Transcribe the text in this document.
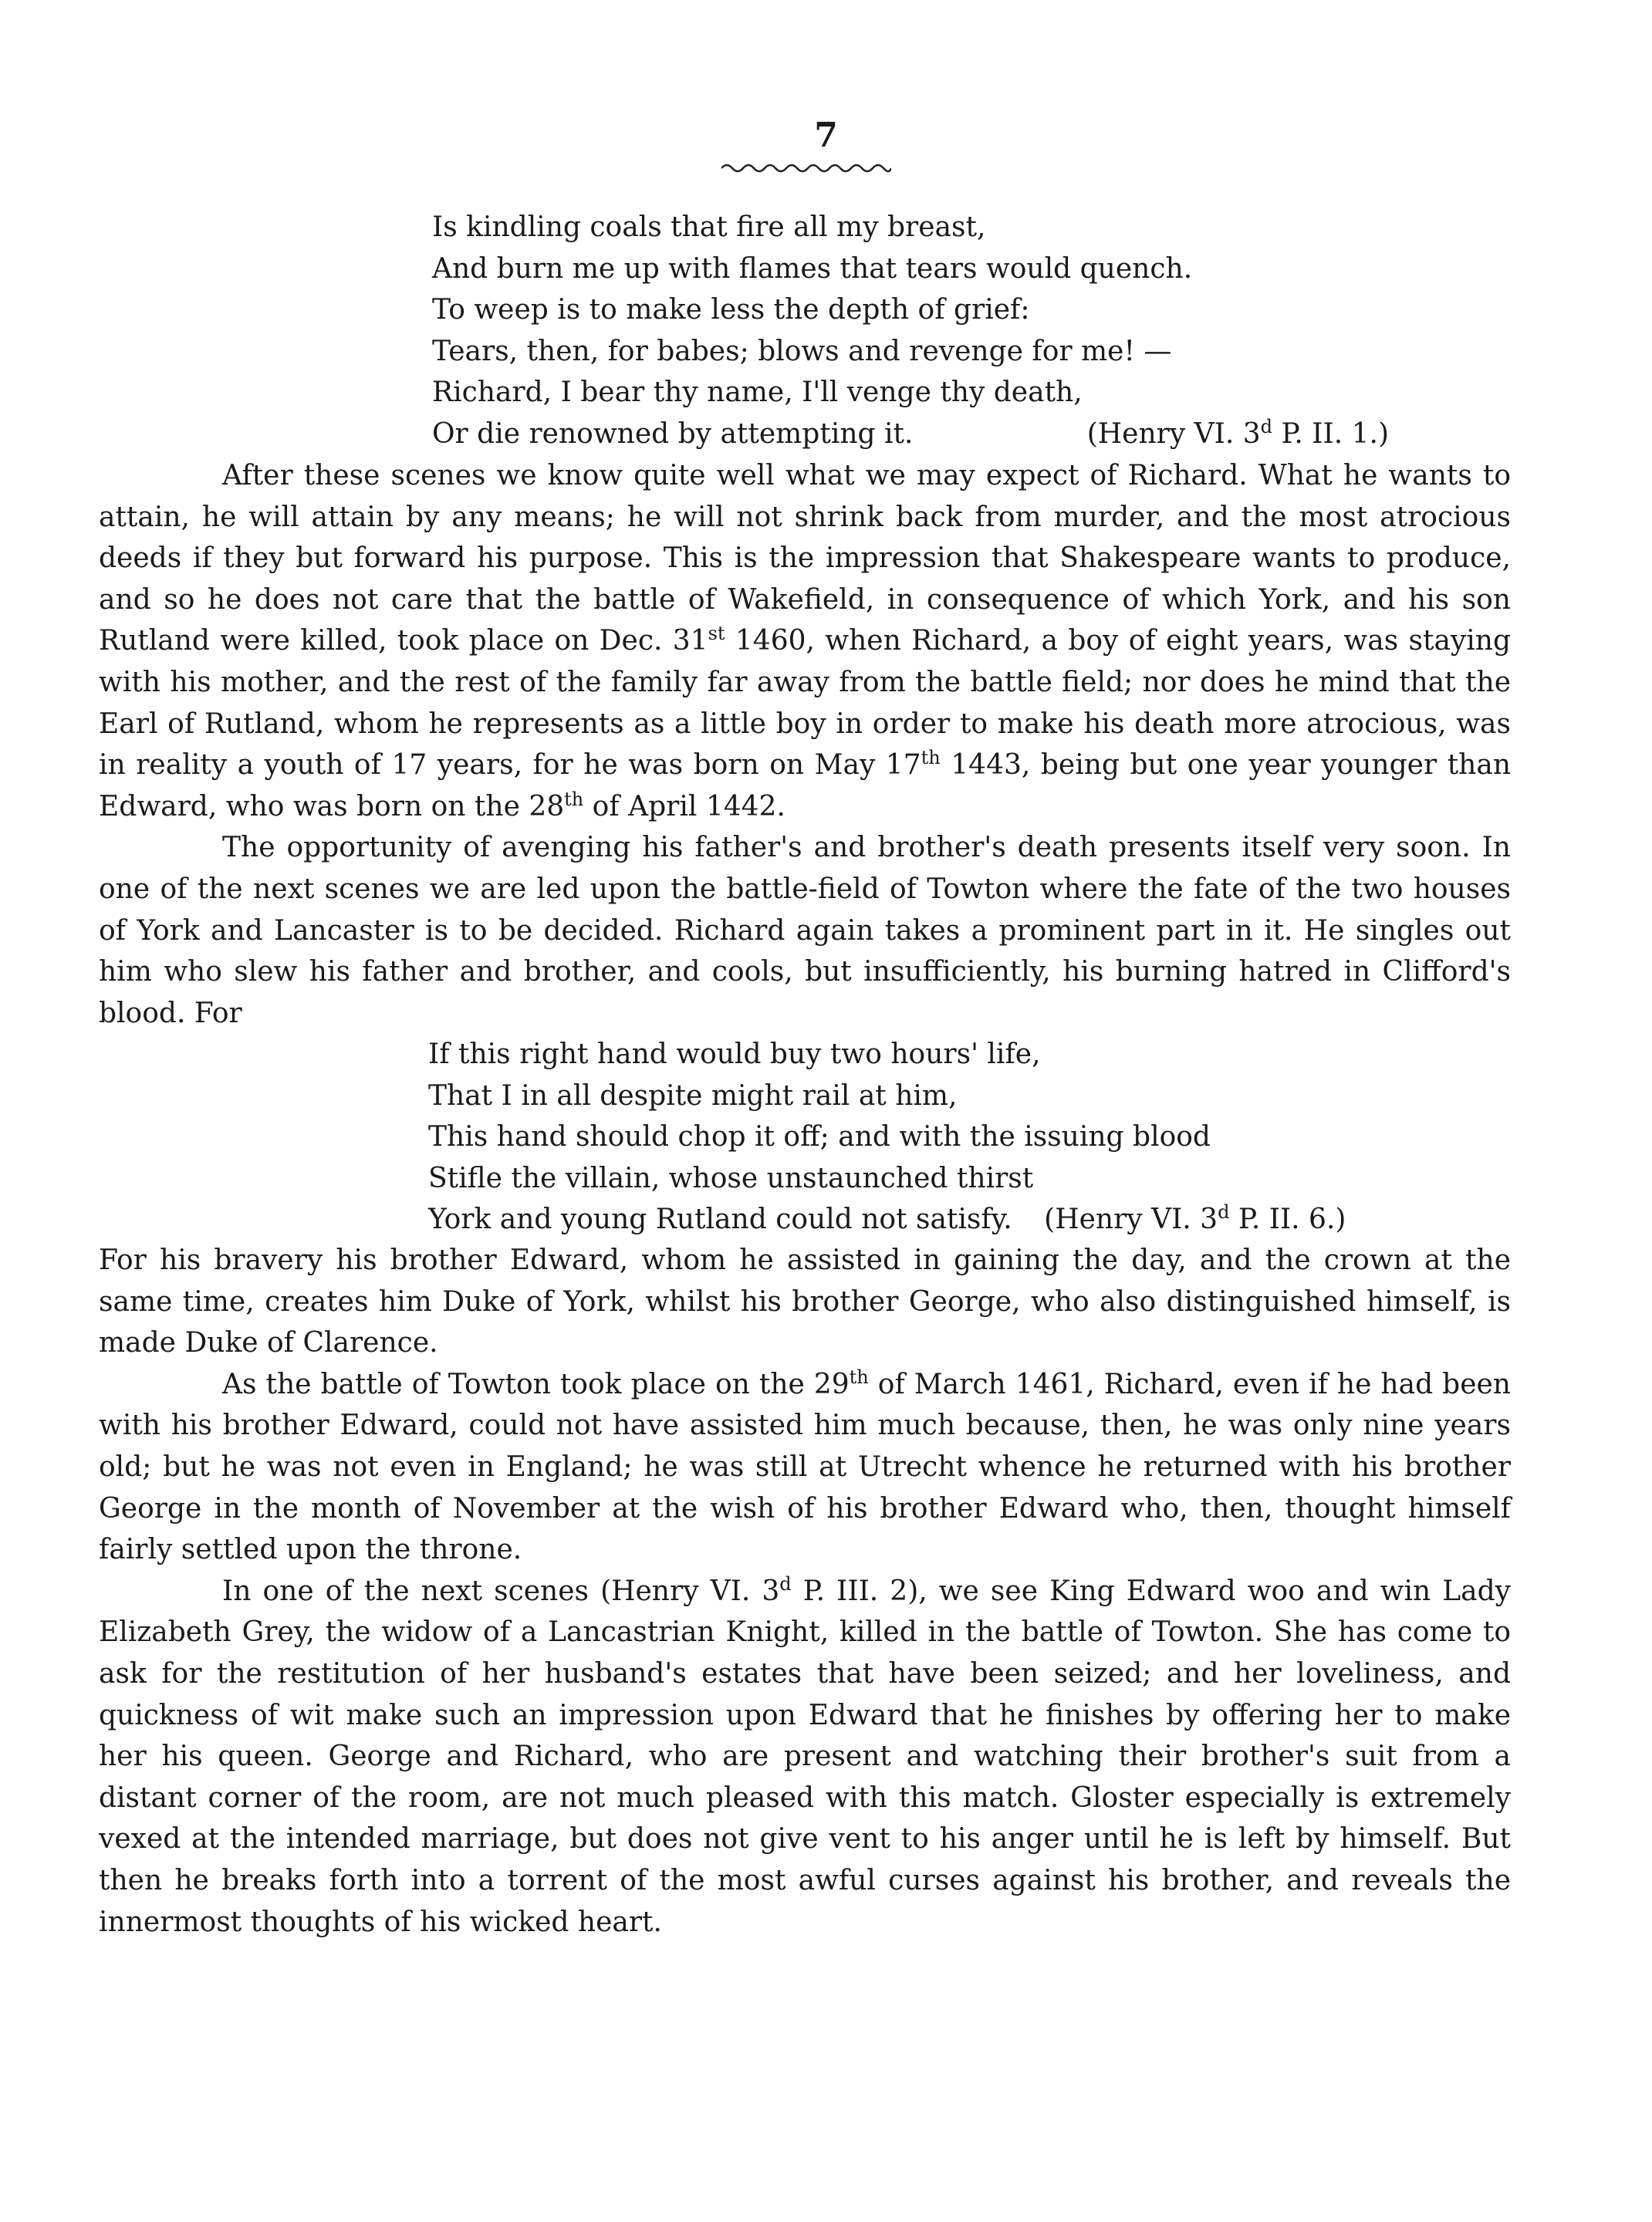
7
Is kindling coals that fire all my breast,
And burn me up with flames that tears would quench.
To weep is to make less the depth of grief:
Tears, then, for babes; blows and revenge for me! —
Richard, I bear thy name, I'll venge thy death,
Or die renowned by attempting it.	(Henry VI. 3$^d$ P. II. 1.)

After these scenes we know quite well what we may expect of Richard. What he wants to attain, he will attain by any means; he will not shrink back from murder, and the most atrocious deeds if they but forward his purpose. This is the impression that Shakespeare wants to produce, and so he does not care that the battle of Wakefield, in consequence of which York, and his son Rutland were killed, took place on Dec. 31st 1460, when Richard, a boy of eight years, was staying with his mother, and the rest of the family far away from the battle field; nor does he mind that the Earl of Rutland, whom he represents as a little boy in order to make his death more atrocious, was in reality a youth of 17 years, for he was born on May 17th 1443, being but one year younger than Edward, who was born on the 28th of April 1442.

The opportunity of avenging his father's and brother's death presents itself very soon. In one of the next scenes we are led upon the battle-field of Towton where the fate of the two houses of York and Lancaster is to be decided. Richard again takes a prominent part in it. He singles out him who slew his father and brother, and cools, but insufficiently, his burning hatred in Clifford's blood. For

If this right hand would buy two hours' life,
That I in all despite might rail at him,
This hand should chop it off; and with the issuing blood
Stifle the villain, whose unstaunched thirst
York and young Rutland could not satisfy. (Henry VI. 3$^d$ P. II. 6.)

For his bravery his brother Edward, whom he assisted in gaining the day, and the crown at the same time, creates him Duke of York, whilst his brother George, who also distinguished himself, is made Duke of Clarence.

As the battle of Towton took place on the 29th of March 1461, Richard, even if he had been with his brother Edward, could not have assisted him much because, then, he was only nine years old; but he was not even in England; he was still at Utrecht whence he returned with his brother George in the month of November at the wish of his brother Edward who, then, thought himself fairly settled upon the throne.

In one of the next scenes (Henry VI. 3$^d$ P. III. 2), we see King Edward woo and win Lady Elizabeth Grey, the widow of a Lancastrian Knight, killed in the battle of Towton. She has come to ask for the restitution of her husband's estates that have been seized; and her loveliness, and quickness of wit make such an impression upon Edward that he finishes by offering her to make her his queen. George and Richard, who are present and watching their brother's suit from a distant corner of the room, are not much pleased with this match. Gloster especially is extremely vexed at the intended marriage, but does not give vent to his anger until he is left by himself. But then he breaks forth into a torrent of the most awful curses against his brother, and reveals the innermost thoughts of his wicked heart.
